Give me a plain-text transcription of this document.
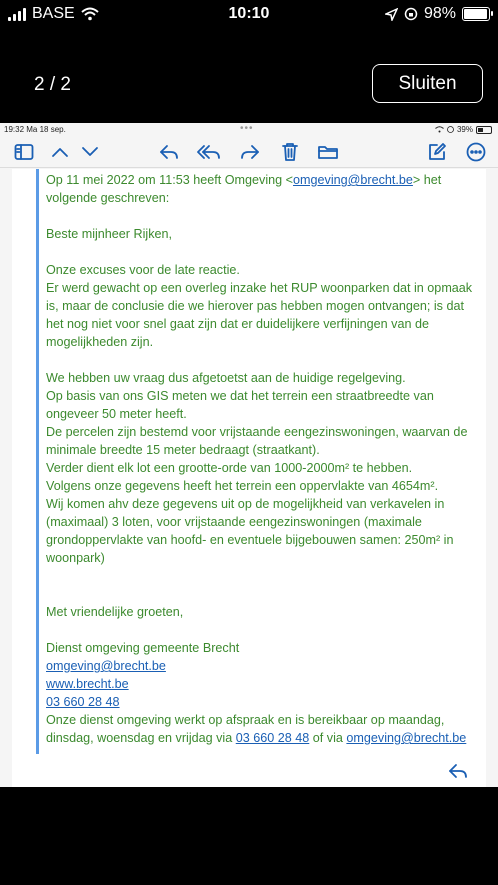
BASE	10:10	98%
2 / 2	Sluiten
19:32 Ma 18 sep.	•••	39%

Op 11 mei 2022 om 11:53 heeft Omgeving <omgeving@brecht.be> het

volgende geschreven:

Beste mijnheer Rijken,

Onze excuses voor de late reactie.

Er werd gewacht op een overleg inzake het RUP woonparken dat in opmaak

is, maar de conclusie die we hierover pas hebben mogen ontvangen; is dat

het nog niet voor snel gaat zijn dat er duidelijkere verfijningen van de

mogelijkheden zijn.

We hebben uw vraag dus afgetoetst aan de huidige regelgeving.

Op basis van ons GIS meten we dat het terrein een straatbreedte van

ongeveer 50 meter heeft.

De percelen zijn bestemd voor vrijstaande eengezinswoningen, waarvan de

minimale breedte 15 meter bedraagt (straatkant).

Verder dient elk lot een grootte-orde van 1000-2000m² te hebben.

Volgens onze gegevens heeft het terrein een oppervlakte van 4654m².

Wij komen ahv deze gegevens uit op de mogelijkheid van verkavelen in

(maximaal) 3 loten, voor vrijstaande eengezinswoningen (maximale

grondoppervlakte van hoofd- en eventuele bijgebouwen samen: 250m² in

woonpark)

Met vriendelijke groeten,

Dienst omgeving gemeente Brecht

omgeving@brecht.be

www.brecht.be

03 660 28 48

Onze dienst omgeving werkt op afspraak en is bereikbaar op maandag,

dinsdag, woensdag en vrijdag via 03 660 28 48 of via omgeving@brecht.be
